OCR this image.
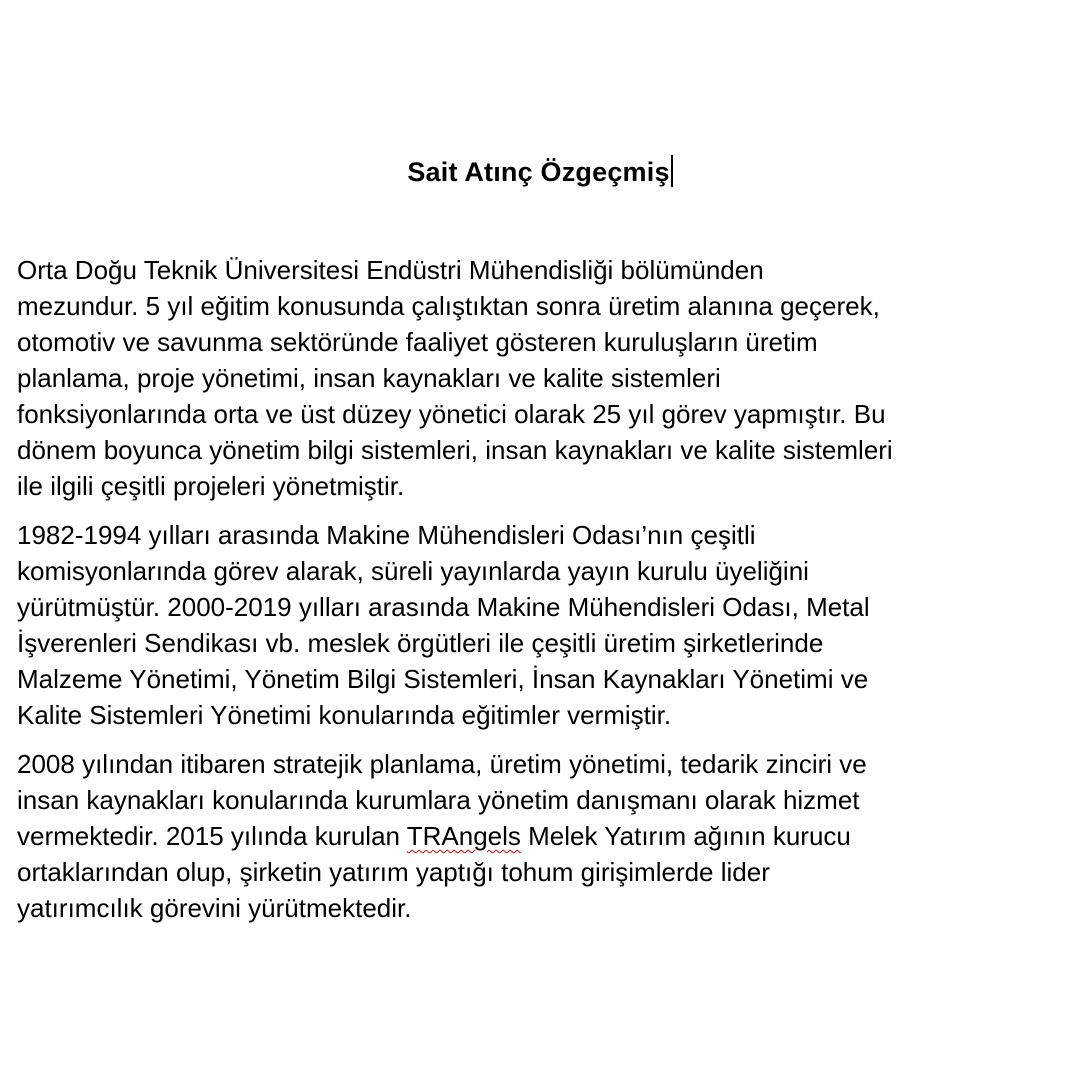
Sait Atınç Özgeçmiş

Orta Doğu Teknik Üniversitesi Endüstri Mühendisliği bölümünden
mezundur. 5 yıl eğitim konusunda çalıştıktan sonra üretim alanına geçerek,
otomotiv ve savunma sektöründe faaliyet gösteren kuruluşların üretim
planlama, proje yönetimi, insan kaynakları ve kalite sistemleri
fonksiyonlarında orta ve üst düzey yönetici olarak 25 yıl görev yapmıştır. Bu
dönem boyunca yönetim bilgi sistemleri, insan kaynakları ve kalite sistemleri
ile ilgili çeşitli projeleri yönetmiştir.

1982-1994 yılları arasında Makine Mühendisleri Odası’nın çeşitli
komisyonlarında görev alarak, süreli yayınlarda yayın kurulu üyeliğini
yürütmüştür. 2000-2019 yılları arasında Makine Mühendisleri Odası, Metal
İşverenleri Sendikası vb. meslek örgütleri ile çeşitli üretim şirketlerinde
Malzeme Yönetimi, Yönetim Bilgi Sistemleri, İnsan Kaynakları Yönetimi ve
Kalite Sistemleri Yönetimi konularında eğitimler vermiştir.

2008 yılından itibaren stratejik planlama, üretim yönetimi, tedarik zinciri ve
insan kaynakları konularında kurumlara yönetim danışmanı olarak hizmet
vermektedir. 2015 yılında kurulan TRAngels Melek Yatırım ağının kurucu
ortaklarından olup, şirketin yatırım yaptığı tohum girişimlerde lider
yatırımcılık görevini yürütmektedir.
